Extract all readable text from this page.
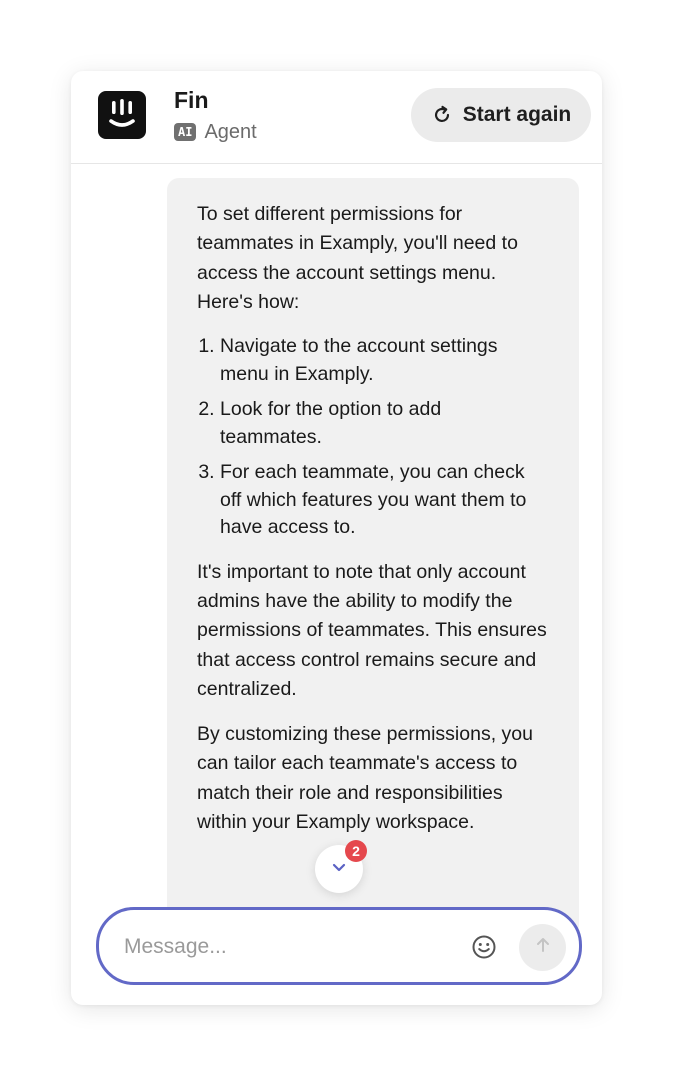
Fin
AI Agent
Start again

To set different permissions for teammates in Examply, you'll need to access the account settings menu. Here's how:

1. Navigate to the account settings menu in Examply.
2. Look for the option to add teammates.
3. For each teammate, you can check off which features you want them to have access to.

It's important to note that only account admins have the ability to modify the permissions of teammates. This ensures that access control remains secure and centralized.

By customizing these permissions, you can tailor each teammate's access to match their role and responsibilities within your Examply workspace.

2
Message...
